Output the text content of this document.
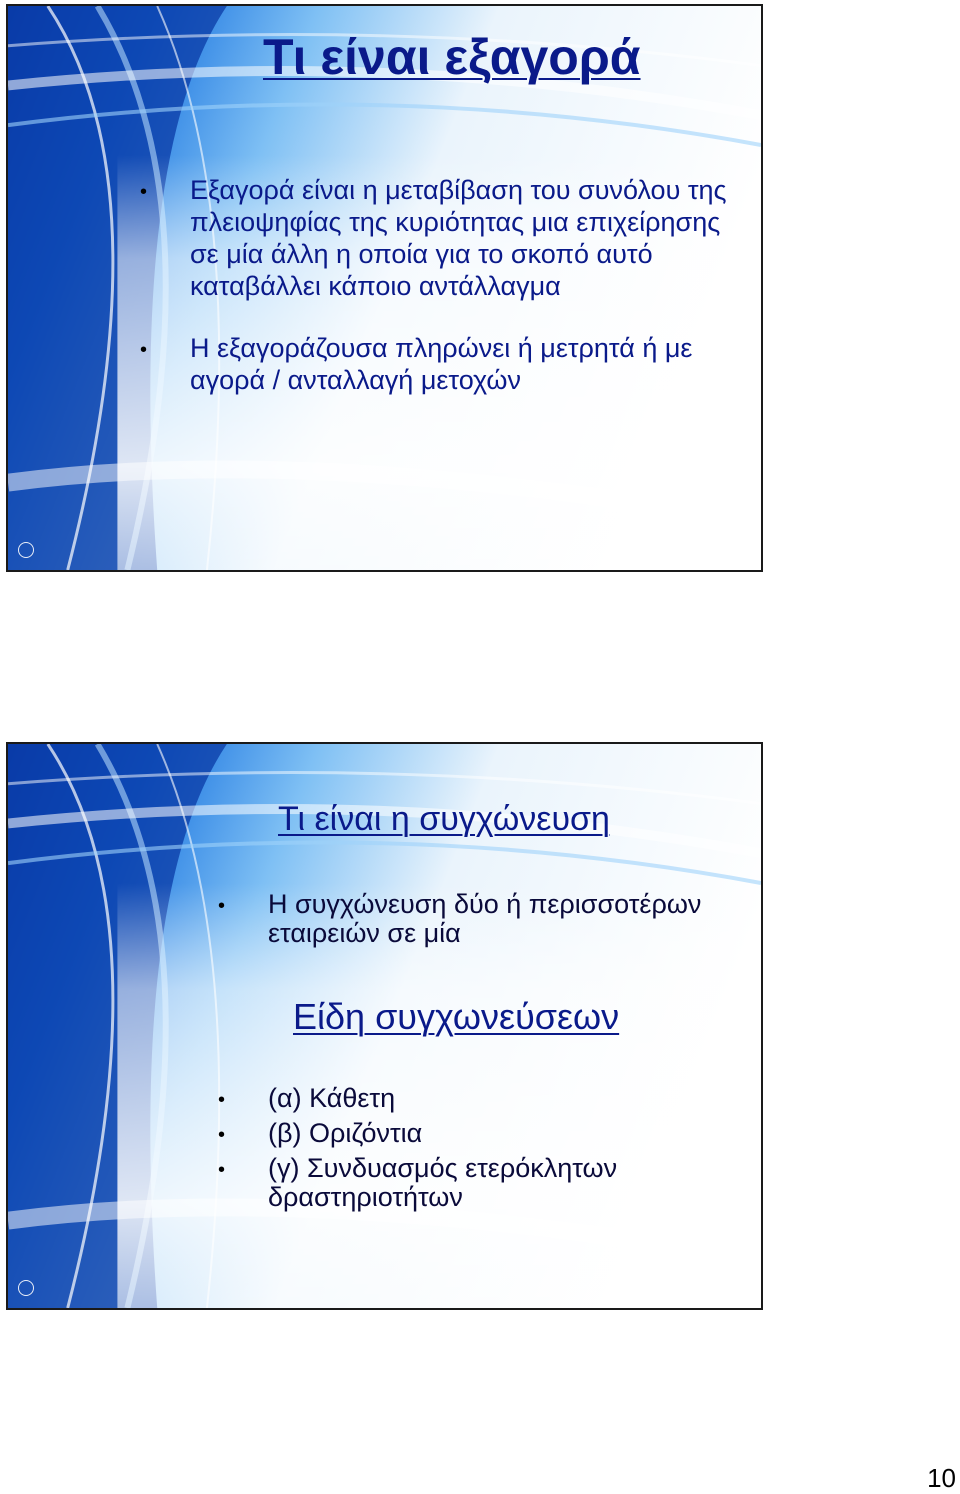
Τι είναι εξαγορά
• Εξαγορά είναι η μεταβίβαση του συνόλου της πλειοψηφίας της κυριότητας μια επιχείρησης σε μία άλλη η οποία για το σκοπό αυτό καταβάλλει κάποιο αντάλλαγμα
• Η εξαγοράζουσα πληρώνει ή μετρητά ή με αγορά / ανταλλαγή μετοχών
Τι είναι η συγχώνευση
• Η συγχώνευση δύο ή περισσοτέρων εταιρειών σε μία
Είδη συγχωνεύσεων
• (α) Κάθετη
• (β) Οριζόντια
• (γ) Συνδυασμός ετερόκλητων δραστηριοτήτων
10
